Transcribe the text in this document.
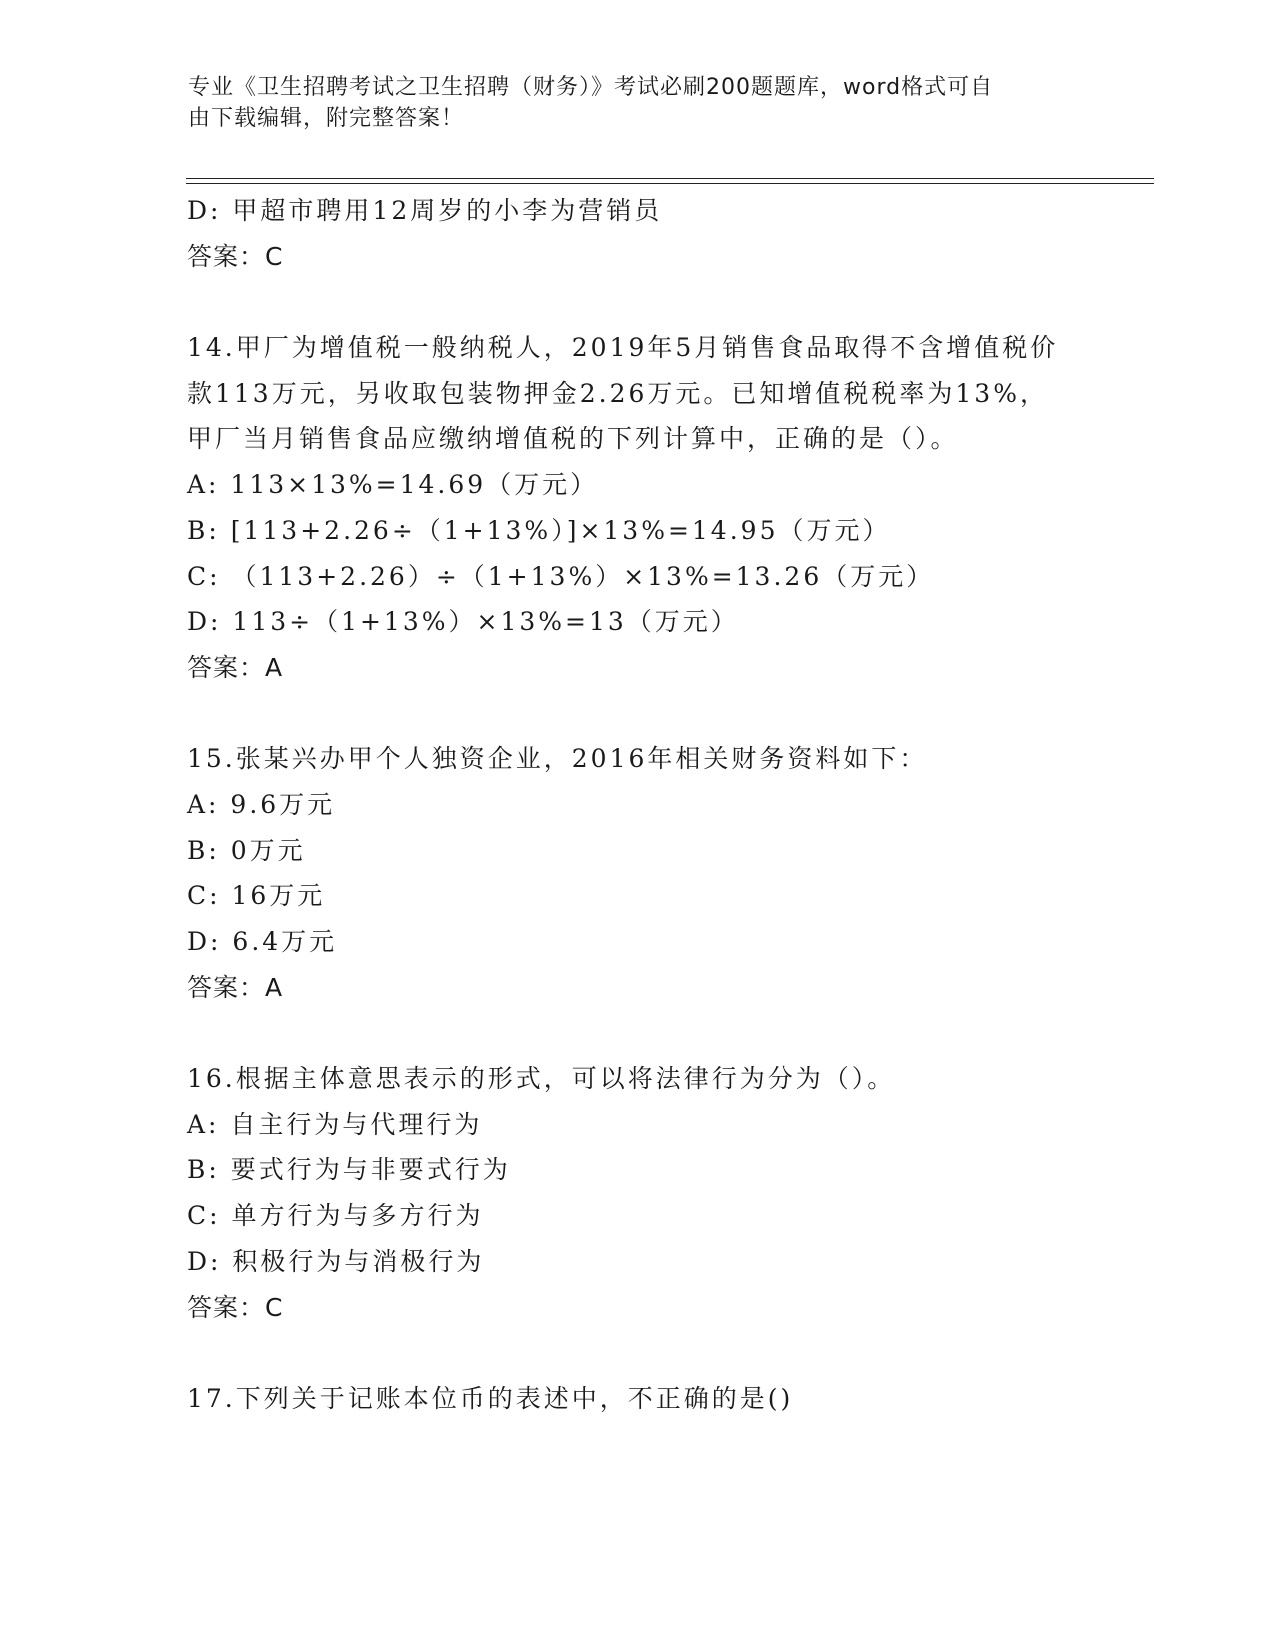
专业《卫生招聘考试之卫生招聘（财务）》考试必刷200题题库，word格式可自
由下载编辑，附完整答案！
D: 甲超市聘用12周岁的小李为营销员
答案：C
14.甲厂为增值税一般纳税人，2019年5月销售食品取得不含增值税价
款113万元，另收取包装物押金2.26万元。已知增值税税率为13%，
甲厂当月销售食品应缴纳增值税的下列计算中，正确的是（）。
A: 113×13%=14.69（万元）
B: [113+2.26÷（1+13%）]×13%=14.95（万元）
C: （113+2.26）÷（1+13%）×13%=13.26（万元）
D: 113÷（1+13%）×13%=13（万元）
答案：A
15.张某兴办甲个人独资企业，2016年相关财务资料如下：
A: 9.6万元
B: 0万元
C: 16万元
D: 6.4万元
答案：A
16.根据主体意思表示的形式，可以将法律行为分为（）。
A: 自主行为与代理行为
B: 要式行为与非要式行为
C: 单方行为与多方行为
D: 积极行为与消极行为
答案：C
17.下列关于记账本位币的表述中，不正确的是()
